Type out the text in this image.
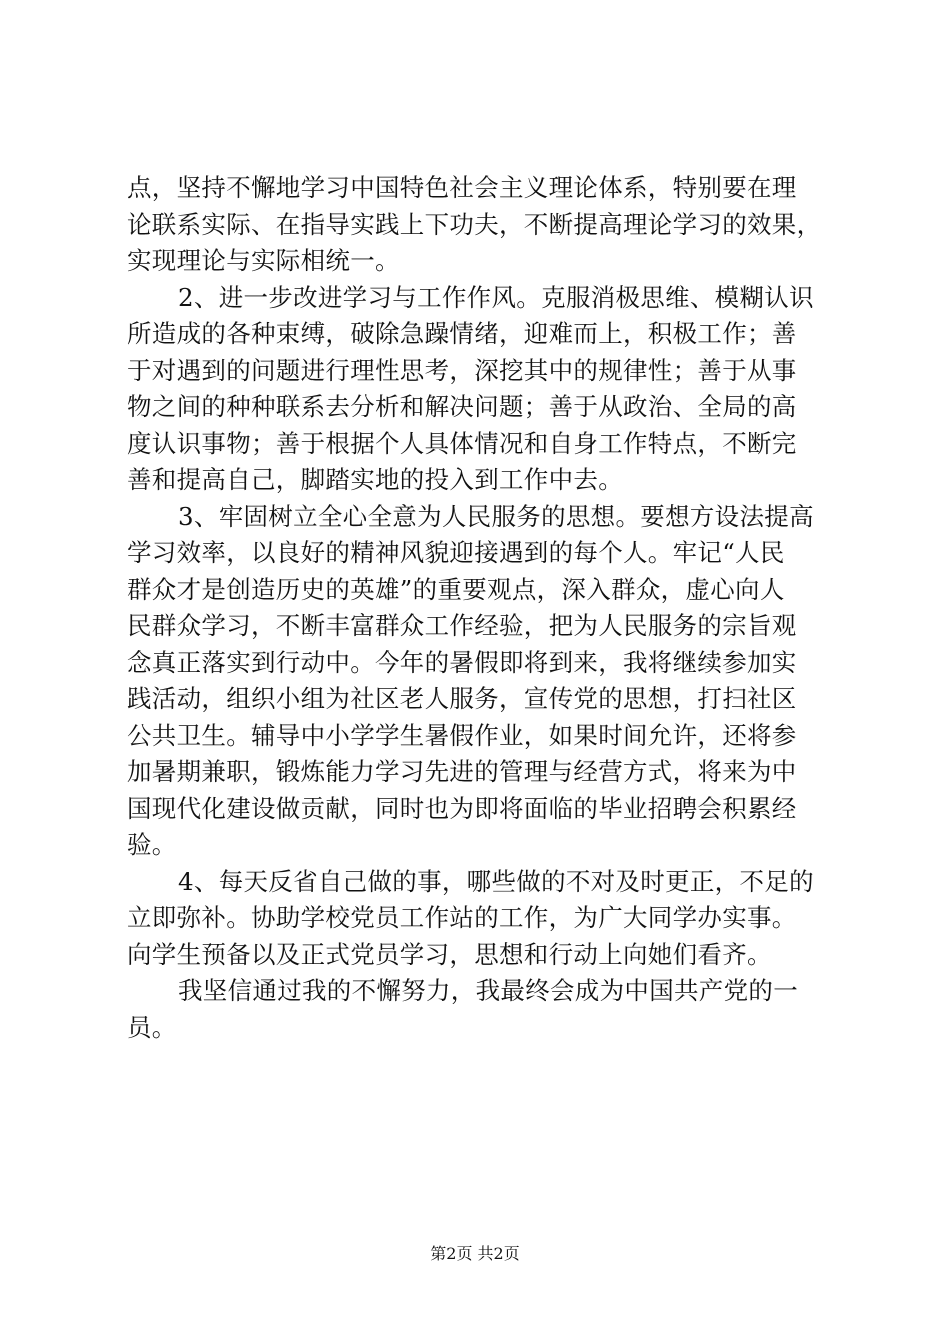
点，坚持不懈地学习中国特色社会主义理论体系，特别要在理
论联系实际、在指导实践上下功夫，不断提高理论学习的效果，
实现理论与实际相统一。
2、进一步改进学习与工作作风。克服消极思维、模糊认识
所造成的各种束缚，破除急躁情绪，迎难而上，积极工作；善
于对遇到的问题进行理性思考，深挖其中的规律性；善于从事
物之间的种种联系去分析和解决问题；善于从政治、全局的高
度认识事物；善于根据个人具体情况和自身工作特点，不断完
善和提高自己，脚踏实地的投入到工作中去。
3、牢固树立全心全意为人民服务的思想。要想方设法提高
学习效率，以良好的精神风貌迎接遇到的每个人。牢记“人民
群众才是创造历史的英雄”的重要观点，深入群众，虚心向人
民群众学习，不断丰富群众工作经验，把为人民服务的宗旨观
念真正落实到行动中。今年的暑假即将到来，我将继续参加实
践活动，组织小组为社区老人服务，宣传党的思想，打扫社区
公共卫生。辅导中小学学生暑假作业，如果时间允许，还将参
加暑期兼职，锻炼能力学习先进的管理与经营方式，将来为中
国现代化建设做贡献，同时也为即将面临的毕业招聘会积累经
验。
4、每天反省自己做的事，哪些做的不对及时更正，不足的
立即弥补。协助学校党员工作站的工作，为广大同学办实事。
向学生预备以及正式党员学习，思想和行动上向她们看齐。
我坚信通过我的不懈努力，我最终会成为中国共产党的一
员。
第2页 共2页
